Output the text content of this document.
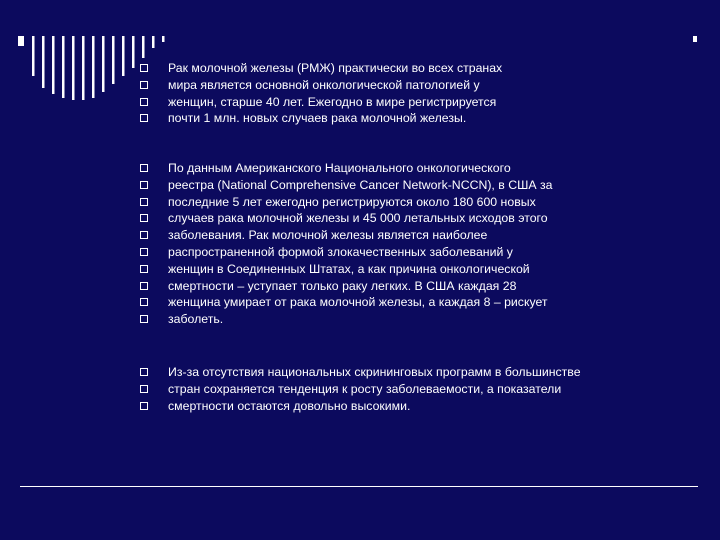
Рак молочной железы (РМЖ) практически во всех странах
мира является основной онкологической патологией у
женщин, старше 40 лет. Ежегодно в мире регистрируется
почти 1 млн. новых случаев рака молочной железы.
По данным Американского Национального онкологического
реестра (National Comprehensive Cancer Network-NCCN), в США за
последние 5 лет ежегодно регистрируются около 180 600 новых
случаев рака молочной железы и 45 000 летальных исходов этого
заболевания. Рак молочной железы является наиболее
распространенной формой злокачественных заболеваний у
женщин в Соединенных Штатах, а как причина онкологической
смертности – уступает только раку легких. В США каждая 28
женщина умирает от рака молочной железы, а каждая 8 – рискует
заболеть.
Из-за отсутствия национальных скрининговых программ в большинстве
стран сохраняется тенденция к росту заболеваемости, а показатели
смертности остаются довольно высокими.
